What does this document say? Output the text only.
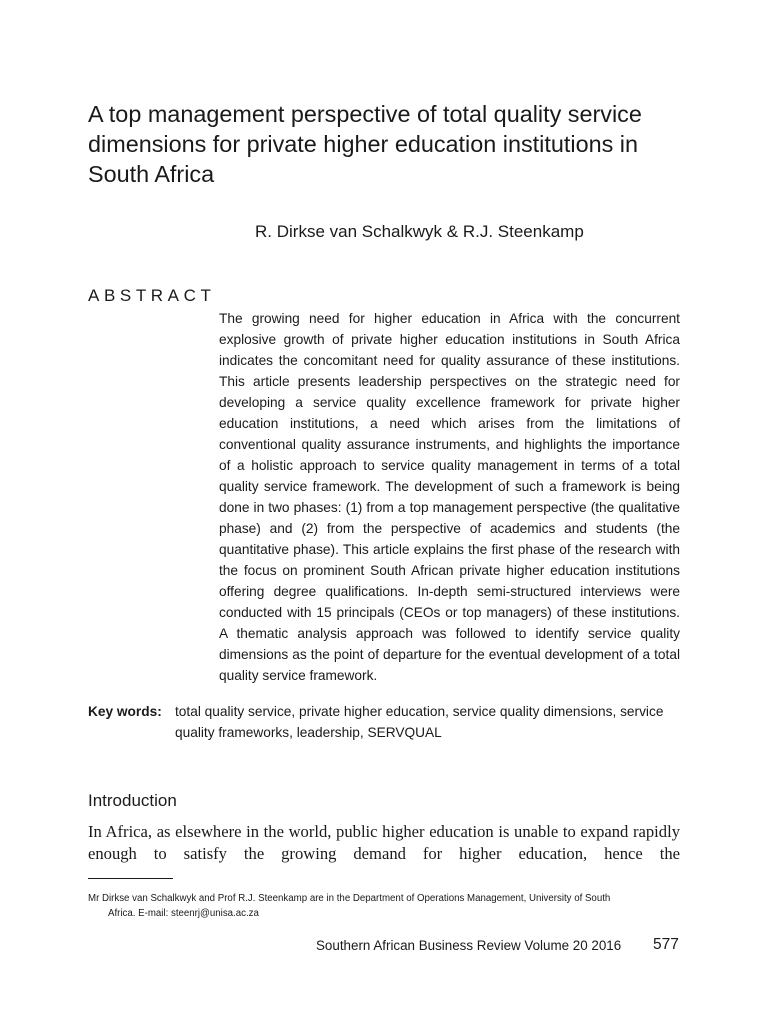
A top management perspective of total quality service dimensions for private higher education institutions in South Africa

R. Dirkse van Schalkwyk & R.J. Steenkamp

ABSTRACT

The growing need for higher education in Africa with the concurrent explosive growth of private higher education institutions in South Africa indicates the concomitant need for quality assurance of these institutions. This article presents leadership perspectives on the strategic need for developing a service quality excellence framework for private higher education institutions, a need which arises from the limitations of conventional quality assurance instruments, and highlights the importance of a holistic approach to service quality management in terms of a total quality service framework. The development of such a framework is being done in two phases: (1) from a top management perspective (the qualitative phase) and (2) from the perspective of academics and students (the quantitative phase). This article explains the first phase of the research with the focus on prominent South African private higher education institutions offering degree qualifications. In-depth semi-structured interviews were conducted with 15 principals (CEOs or top managers) of these institutions. A thematic analysis approach was followed to identify service quality dimensions as the point of departure for the eventual development of a total quality service framework.

Key words: total quality service, private higher education, service quality dimensions, service
quality frameworks, leadership, SERVQUAL
Introduction

In Africa, as elsewhere in the world, public higher education is unable to expand rapidly enough to satisfy the growing demand for higher education, hence the

Mr Dirkse van Schalkwyk and Prof R.J. Steenkamp are in the Department of Operations Management, University of South
Africa. E-mail: steenrj@unisa.ac.za

Southern African Business Review Volume 20 2016 577
